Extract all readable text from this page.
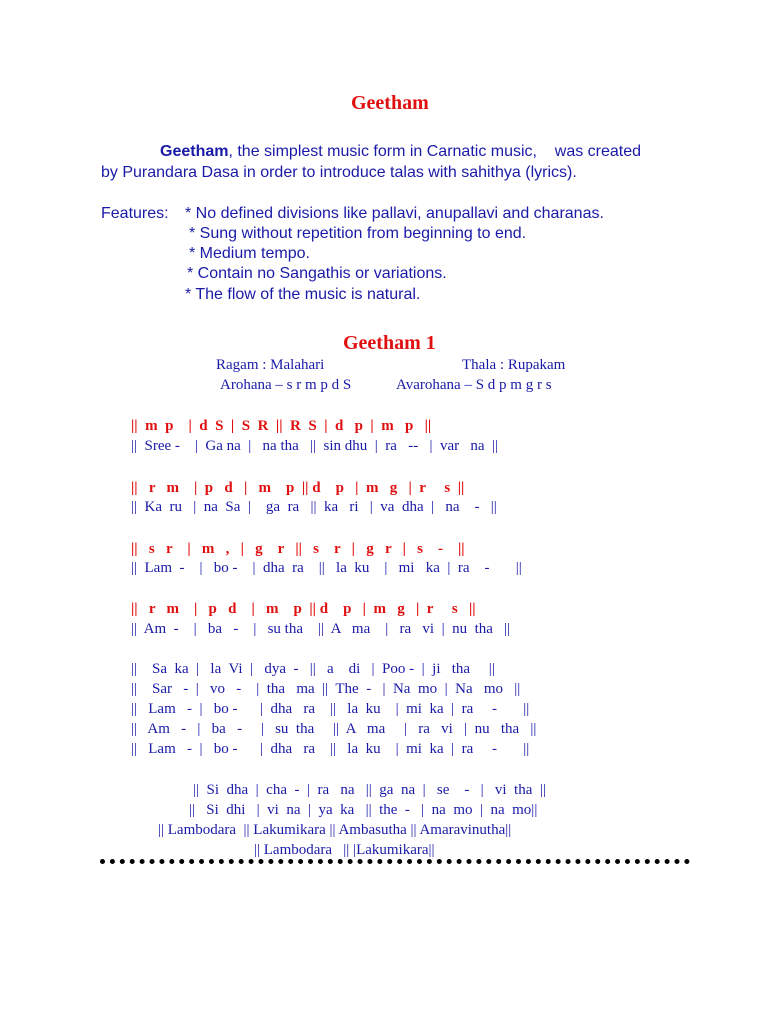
Geetham
Geetham, the simplest music form in Carnatic music,    was created
by Purandara Dasa in order to introduce talas with sahithya (lyrics).
Features: * No defined divisions like pallavi, anupallavi and charanas.
* Sung without repetition from beginning to end.
* Medium tempo.
* Contain no Sangathis or variations.
* The flow of the music is natural.
Geetham 1
Ragam : Malahari	Thala : Rupakam
Arohana – s r m p d S	Avarohana – S d p m g r s
||  m  p    |  d  S  |  S  R  ||  R  S  |  d   p  |  m   p   ||
||  Sree -    |  Ga na  |   na tha   ||  sin dhu  |  ra   --   |  var   na  ||
||   r   m    |  p   d   |   m    p  || d    p   |  m   g   |  r     s  ||
||  Ka  ru   |  na  Sa  |    ga  ra   ||  ka   ri   |  va  dha  |   na    -   ||
||   s   r    |   m   ,   |   g    r   ||   s    r   |   g   r   |   s    -    ||
||  Lam  -    |   bo -    |  dha  ra    ||   la  ku    |   mi   ka  |  ra    -       ||
||   r   m    |   p   d    |   m    p  || d    p   |  m   g   |  r     s   ||
||  Am  -    |   ba   -    |   su tha    ||  A   ma    |   ra   vi  |  nu  tha   ||
||    Sa  ka  |   la  Vi  |   dya  -   ||   a    di   |  Poo -  |  ji   tha     ||
||    Sar   -  |   vo   -    |  tha   ma  ||  The  -   |  Na  mo  |  Na   mo   ||
||   Lam   -  |   bo -      |  dha   ra    ||   la  ku    |  mi  ka  |  ra     -       ||
||   Am   -   |   ba   -     |   su  tha     ||  A   ma     |   ra   vi   |  nu   tha   ||
||   Lam   -  |   bo -      |  dha   ra    ||   la  ku    |  mi  ka  |  ra     -       ||
||  Si  dha  |  cha  -  |  ra   na   ||  ga  na  |   se    -   |   vi  tha  ||
||   Si  dhi   |  vi  na  |  ya  ka   ||  the  -   |  na  mo  |  na  mo||
|| Lambodara  || Lakumikara || Ambasutha || Amaravinutha||
|| Lambodara   || |Lakumikara||
